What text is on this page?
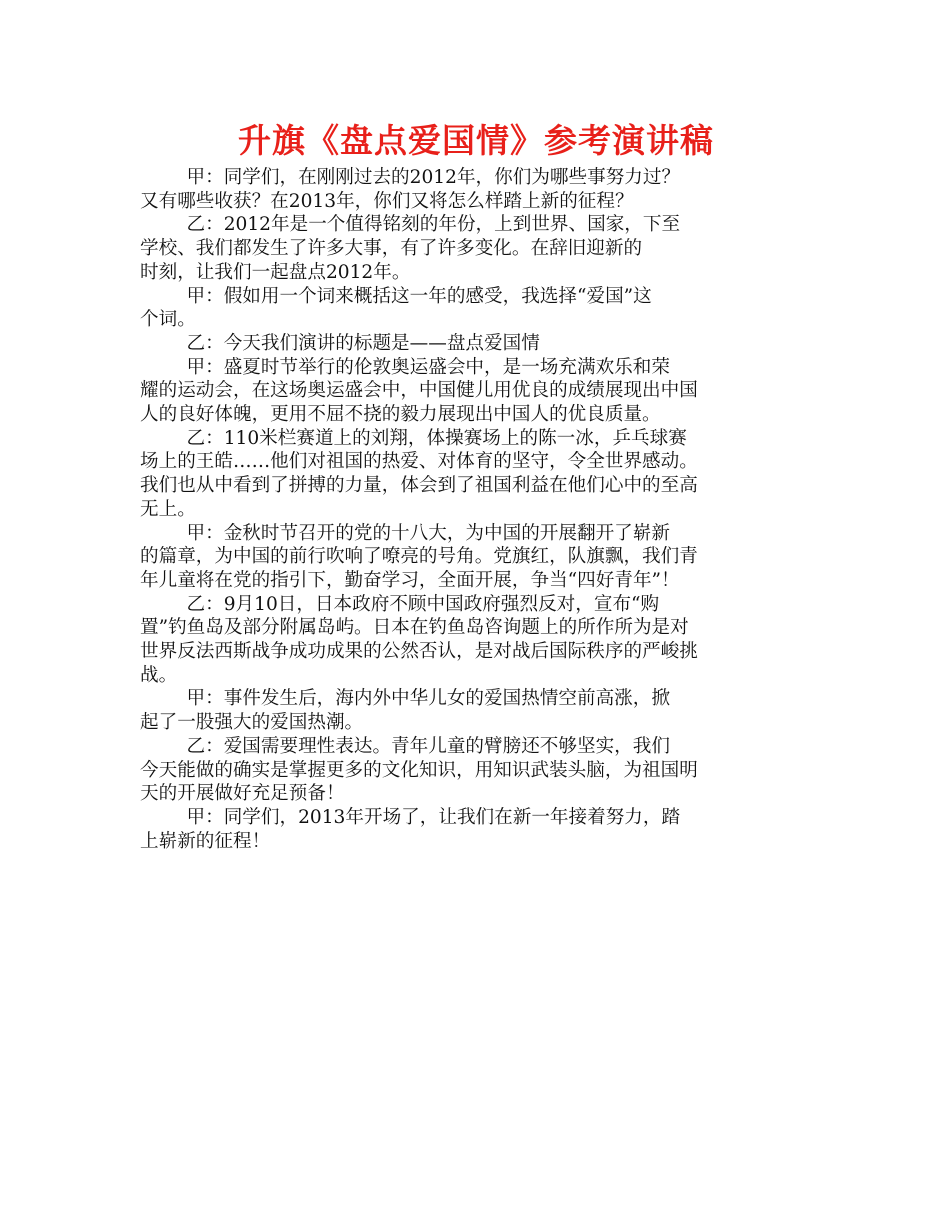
升旗《盘点爱国情》参考演讲稿

甲：同学们，在刚刚过去的2012年，你们为哪些事努力过？
又有哪些收获？在2013年，你们又将怎么样踏上新的征程？

乙：2012年是一个值得铭刻的年份，上到世界、国家，下至
学校、我们都发生了许多大事，有了许多变化。在辞旧迎新的
时刻，让我们一起盘点2012年。

甲：假如用一个词来概括这一年的感受，我选择“爱国”这
个词。

乙：今天我们演讲的标题是——盘点爱国情

甲：盛夏时节举行的伦敦奥运盛会中，是一场充满欢乐和荣
耀的运动会，在这场奥运盛会中，中国健儿用优良的成绩展现出中国
人的良好体魄，更用不屈不挠的毅力展现出中国人的优良质量。

乙：110米栏赛道上的刘翔，体操赛场上的陈一冰，乒乓球赛
场上的王皓……他们对祖国的热爱、对体育的坚守，令全世界感动。
我们也从中看到了拼搏的力量，体会到了祖国利益在他们心中的至高
无上。

甲：金秋时节召开的党的十八大，为中国的开展翻开了崭新
的篇章，为中国的前行吹响了嘹亮的号角。党旗红，队旗飘，我们青
年儿童将在党的指引下，勤奋学习，全面开展，争当“四好青年”！

乙：9月10日，日本政府不顾中国政府强烈反对，宣布“购
置”钓鱼岛及部分附属岛屿。日本在钓鱼岛咨询题上的所作所为是对
世界反法西斯战争成功成果的公然否认，是对战后国际秩序的严峻挑
战。

甲：事件发生后，海内外中华儿女的爱国热情空前高涨，掀
起了一股强大的爱国热潮。

乙：爱国需要理性表达。青年儿童的臂膀还不够坚实，我们
今天能做的确实是掌握更多的文化知识，用知识武装头脑，为祖国明
天的开展做好充足预备！

甲：同学们，2013年开场了，让我们在新一年接着努力，踏
上崭新的征程！
